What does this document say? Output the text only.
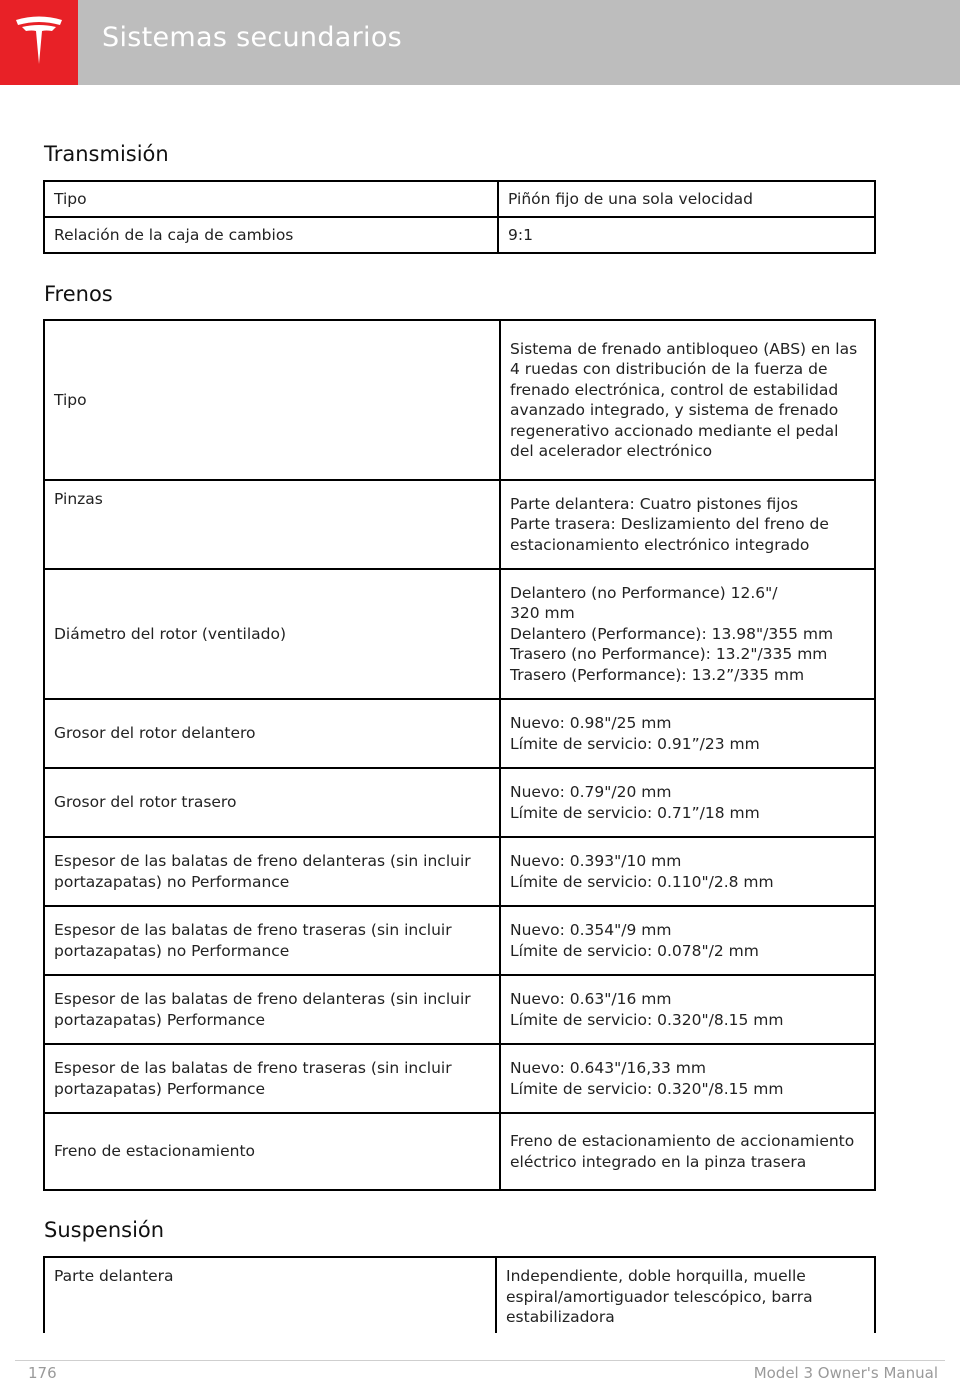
Sistemas secundarios
Transmisión
Tipo	Piñón fijo de una sola velocidad
Relación de la caja de cambios	9:1
Frenos
Tipo	Sistema de frenado antibloqueo (ABS) en las 4 ruedas con distribución de la fuerza de frenado electrónica, control de estabilidad avanzado integrado, y sistema de frenado regenerativo accionado mediante el pedal del acelerador electrónico
Pinzas	Parte delantera: Cuatro pistones fijos
Parte trasera: Deslizamiento del freno de estacionamiento electrónico integrado
Diámetro del rotor (ventilado)	Delantero (no Performance) 12.6"/
320 mm
Delantero (Performance): 13.98"/355 mm
Trasero (no Performance): 13.2"/335 mm
Trasero (Performance): 13.2”/335 mm
Grosor del rotor delantero	Nuevo: 0.98"/25 mm
Límite de servicio: 0.91”/23 mm
Grosor del rotor trasero	Nuevo: 0.79"/20 mm
Límite de servicio: 0.71”/18 mm
Espesor de las balatas de freno delanteras (sin incluir portazapatas) no Performance	Nuevo: 0.393"/10 mm
Límite de servicio: 0.110"/2.8 mm
Espesor de las balatas de freno traseras (sin incluir portazapatas) no Performance	Nuevo: 0.354"/9 mm
Límite de servicio: 0.078"/2 mm
Espesor de las balatas de freno delanteras (sin incluir portazapatas) Performance	Nuevo: 0.63"/16 mm
Límite de servicio: 0.320"/8.15 mm
Espesor de las balatas de freno traseras (sin incluir portazapatas) Performance	Nuevo: 0.643"/16,33 mm
Límite de servicio: 0.320"/8.15 mm
Freno de estacionamiento	Freno de estacionamiento de accionamiento eléctrico integrado en la pinza trasera
Suspensión
Parte delantera	Independiente, doble horquilla, muelle espiral/amortiguador telescópico, barra estabilizadora
176	Model 3 Owner's Manual
